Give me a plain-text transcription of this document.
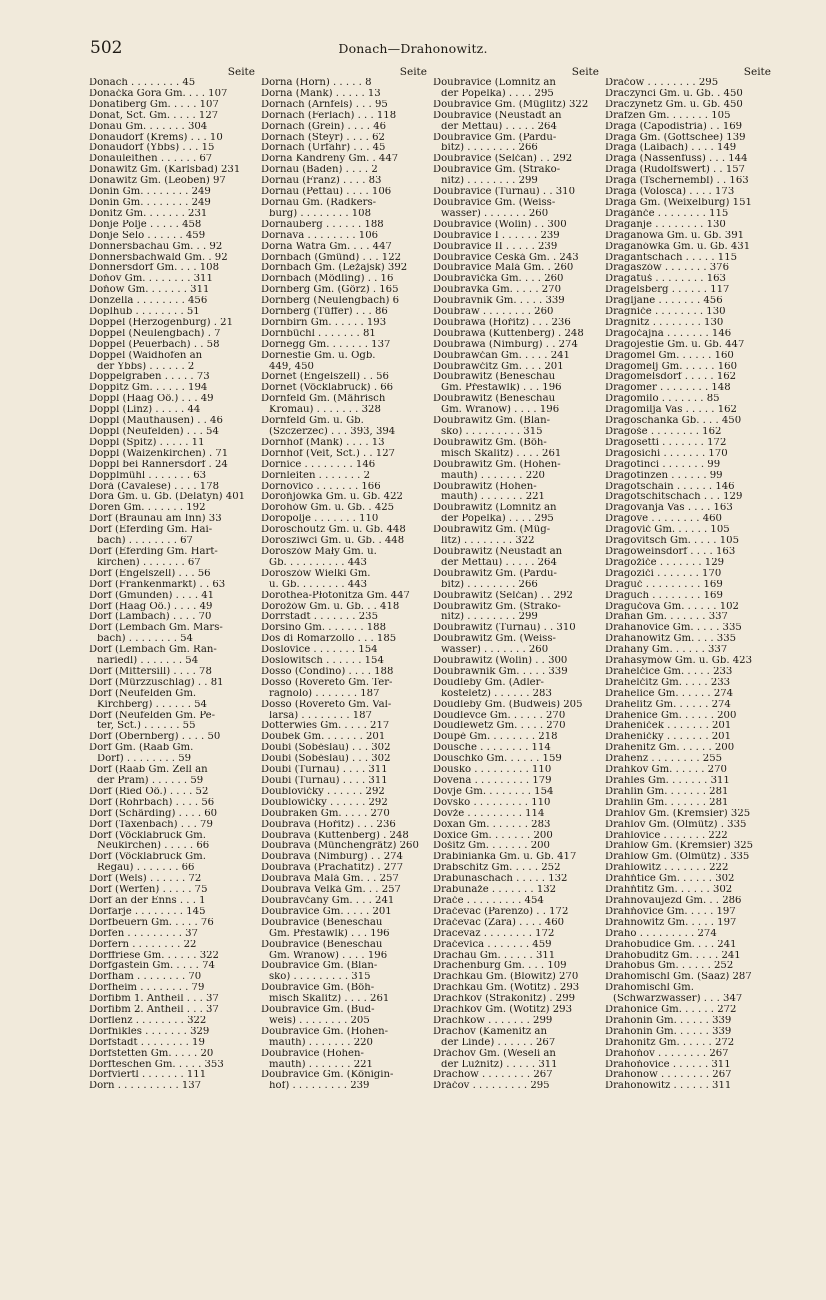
502	Donach—Drahonowitz.
Seite
Donach . . . . . . . . 45
Donačka Gora Gm. . . . 107
Donatiberg Gm. . . . . 107
Donat, Sct. Gm. . . . . 127
Donau Gm. . . . . . . 304
Donaudorf (Krems) . . . 10
Donaudorf (Ybbs) . . . 15
Donauleithen . . . . . . 67
Donawitz Gm. (Karlsbad) 231
Donawitz Gm. (Leoben) 97
Donin Gm. . . . . . . . 249
Donin Gm. . . . . . . . 249
Donitz Gm. . . . . . . 231
Donje Polje . . . . . 458
Donje Selo . . . . . . 459
Donnersbachau Gm. . . 92
Donnersbachwald Gm. . 92
Donnersdorf Gm. . . . 108
Doňov Gm. . . . . . . . 311
Doňow Gm. . . . . . . 311
Donzella . . . . . . . . 456
Doplhub . . . . . . . . 51
Doppel (Herzogenburg) . 21
Doppel (Neulengbach) . 7
Doppel (Peuerbach) . . 58
Doppel (Waidhofen an
der Ybbs) . . . . . . 2
Doppelgraben . . . . . 73
Doppitz Gm. . . . . . 194
Doppl (Haag Oö.) . . . 49
Doppl (Linz) . . . . . 44
Doppl (Mauthausen) . . 46
Doppl (Neufelden) . . . 54
Doppl (Spitz) . . . . . 11
Doppl (Waizenkirchen) . 71
Doppl bei Rannersdorf . 24
Dopplmühl . . . . . . . 63
Dorà (Cavalese) . . . . 178
Dora Gm. u. Gb. (Delatyn) 401
Doren Gm. . . . . . . 192
Dorf (Braunau am Inn) 33
Dorf (Eferding Gm. Hai-
bach) . . . . . . . . 67
Dorf (Eferding Gm. Hart-
kirchen) . . . . . . . 67
Dorf (Engelszell) . . . 56
Dorf (Frankenmarkt) . . 63
Dorf (Gmunden) . . . . 41
Dorf (Haag Oö.) . . . . 49
Dorf (Lambach) . . . . 70
Dorf (Lembach Gm. Mars-
bach) . . . . . . . . 54
Dorf (Lembach Gm. Ran-
nariedl) . . . . . . . 54
Dorf (Mittersill) . . . . 78
Dorf (Mürzzuschlag) . . 81
Dorf (Neufelden Gm.
Kirchberg) . . . . . . 54
Dorf (Neufelden Gm. Pe-
ter, Sct.) . . . . . . 55
Dorf (Obernberg) . . . . 50
Dorf Gm. (Raab Gm.
Dorf) . . . . . . . . 59
Dorf (Raab Gm. Zell an
der Pram) . . . . . . 59
Dorf (Ried Oö.) . . . . 52
Dorf (Rohrbach) . . . . 56
Dorf (Schärding) . . . . 60
Dorf (Taxenbach) . . . 79
Dorf (Vöcklabruck Gm.
Neukirchen) . . . . . 66
Dorf (Vöcklabruck Gm.
Regau) . . . . . . . 66
Dorf (Wels) . . . . . . 72
Dorf (Werfen) . . . . . 75
Dorf an der Enns . . . 1
Dorfarje . . . . . . . . 145
Dorfbeuern Gm. . . . . 76
Dorfen . . . . . . . . . 37
Dorfern . . . . . . . . 22
Dorffriese Gm. . . . . . 322
Dorfgastein Gm. . . . . 74
Dorfham . . . . . . . . 70
Dorfheim . . . . . . . . 79
Dorfibm 1. Antheil . . . 37
Dorfibm 2. Antheil . . . 37
Dorflenz . . . . . . . . 322
Dorfnikles . . . . . . . 329
Dorfstadt . . . . . . . . 19
Dorfstetten Gm. . . . . 20
Dorfteschen Gm. . . . . 353
Dorfviertl . . . . . . . 111
Dorn . . . . . . . . . . 137
Seite
Dorna (Horn) . . . . . 8
Dorna (Mank) . . . . . 13
Dornach (Arnfels) . . . 95
Dornach (Ferlach) . . . 118
Dornach (Grein) . . . . 46
Dornach (Steyr) . . . . 62
Dornach (Urfahr) . . . 45
Dorna Kandreny Gm. . 447
Dornau (Baden) . . . . 2
Dornau (Franz) . . . . 83
Dornau (Pettau) . . . . 106
Dornau Gm. (Radkers-
burg) . . . . . . . . 108
Dornauberg . . . . . . 188
Dornava . . . . . . . . 106
Dorna Watra Gm. . . . 447
Dornbach (Gmünd) . . . 122
Dornbach Gm. (Ležajsk) 392
Dornbach (Mödling) . . 16
Dornberg Gm. (Görz) . 165
Dornberg (Neulengbach) 6
Dornberg (Tüffer) . . . 86
Dornbirn Gm. . . . . . 193
Dornbüchl . . . . . . . 81
Dornegg Gm. . . . . . . 137
Dornestie Gm. u. Ogb.
449, 450
Dornet (Engelszell) . . 56
Dornet (Vöcklabruck) . 66
Dornfeld Gm. (Mährisch
Kromau) . . . . . . . 328
Dornfeld Gm. u. Gb.
(Szczerzec) . . . 393, 394
Dornhof (Mank) . . . . 13
Dornhof (Veit, Sct.) . . 127
Dornice . . . . . . . . 146
Dornleiten . . . . . . . 2
Dornovico . . . . . . . 166
Dorońjówka Gm. u. Gb. 422
Dorohów Gm. u. Gb. . 425
Doropolje . . . . . . . 110
Doroschoutz Gm. u. Gb. 448
Doroszíwci Gm. u. Gb. . 448
Doroszów Mały Gm. u.
Gb. . . . . . . . . . 443
Doroszów Wielki Gm.
u. Gb. . . . . . . . 443
Dorothea-Płotonitza Gm. 447
Dorożów Gm. u. Gb. . . 418
Dorrstadt . . . . . . . 235
Dorsino Gm. . . . . . . 188
Dos di Romarzollo . . . 185
Doslovice . . . . . . . 154
Doslowitsch . . . . . . 154
Dosso (Condino) . . . . 188
Dosso (Rovereto Gm. Ter-
ragnolo) . . . . . . . 187
Dosso (Rovereto Gm. Val-
larsa) . . . . . . . . 187
Dotterwies Gm. . . . . 217
Doubek Gm. . . . . . . 201
Doubi (Soběslau) . . . 302
Doubi (Soběslau) . . . 302
Doubi (Turnau) . . . . 311
Doubi (Turnau) . . . . 311
Doublovičky . . . . . . 292
Doublowičky . . . . . . 292
Doubraken Gm. . . . . 270
Doubrava (Hořitz) . . . 236
Doubrava (Kuttenberg) . 248
Doubrava (Münchengrätz) 260
Doubrava (Nimburg) . . 274
Doubrava (Prachatitz) . 277
Doubrava Malá Gm. . . 257
Doubrava Velká Gm. . . 257
Doubravčany Gm. . . . 241
Doubravice Gm. . . . . 201
Doubravice (Beneschau
Gm. Přestawlk) . . . 196
Doubravice (Beneschau
Gm. Wranow) . . . . 196
Doubravice Gm. (Blan-
sko) . . . . . . . . . 315
Doubravice Gm. (Böh-
misch Skalitz) . . . . 261
Doubravice Gm. (Bud-
weis) . . . . . . . . 205
Doubravice Gm. (Hohen-
mauth) . . . . . . . 220
Doubravice (Hohen-
mauth) . . . . . . . 221
Doubravice Gm. (Königin-
hof) . . . . . . . . . 239
Seite
Doubravice (Lomnitz an
der Popelka) . . . . 295
Doubravice Gm. (Müglitz) 322
Doubravice (Neustadt an
der Mettau) . . . . . 264
Doubravice Gm. (Pardu-
bitz) . . . . . . . . 266
Doubravice (Selčan) . . 292
Doubravice Gm. (Strako-
nitz) . . . . . . . . 299
Doubravice (Turnau) . . 310
Doubravice Gm. (Weiss-
wasser) . . . . . . . 260
Doubravice (Wolin) . . 300
Doubravice I . . . . . . 239
Doubravice II . . . . . 239
Doubravice Česká Gm. . 243
Doubravice Malá Gm. . 260
Doubravička Gm. . . . 260
Doubravka Gm. . . . . 270
Doubravnik Gm. . . . . 339
Doubraw . . . . . . . . 260
Doubrawa (Hořitz) . . . 236
Doubrawa (Kuttenberg) . 248
Doubrawa (Nimburg) . . 274
Doubrawčan Gm. . . . . 241
Doubrawčitz Gm. . . . 201
Doubrawitz (Beneschau
Gm. Přestawlk) . . . 196
Doubrawitz (Beneschau
Gm. Wranow) . . . . 196
Doubrawitz Gm. (Blan-
sko) . . . . . . . . . 315
Doubrawitz Gm. (Böh-
misch Skalitz) . . . . 261
Doubrawitz Gm. (Hohen-
mauth) . . . . . . . 220
Doubrawitz (Hohen-
mauth) . . . . . . . 221
Doubrawitz (Lomnitz an
der Popelka) . . . . 295
Doubrawitz Gm. (Müg-
litz) . . . . . . . . 322
Doubrawitz (Neustadt an
der Mettau) . . . . . 264
Doubrawitz Gm. (Pardu-
bitz) . . . . . . . . 266
Doubrawitz (Selčan) . . 292
Doubrawitz Gm. (Strako-
nitz) . . . . . . . . 299
Doubrawitz (Turnau) . . 310
Doubrawitz Gm. (Weiss-
wasser) . . . . . . . 260
Doubrawitz (Wolin) . . 300
Doubrawnik Gm. . . . . 339
Doudleby Gm. (Adler-
kosteletz) . . . . . . 283
Doudleby Gm. (Budweis) 205
Doudlevce Gm. . . . . . 270
Doudlewetz Gm. . . . . 270
Doupě Gm. . . . . . . . 218
Dousche . . . . . . . . 114
Douschko Gm. . . . . . 159
Dousko . . . . . . . . . 110
Dovena . . . . . . . . . 179
Dovje Gm. . . . . . . . 154
Dovsko . . . . . . . . . 110
Dovže . . . . . . . . . 114
Doxan Gm. . . . . . . 283
Doxice Gm. . . . . . . 200
Došitz Gm. . . . . . . 200
Drabinianka Gm. u. Gb. 417
Drabschitz Gm. . . . . 252
Drabunaschach . . . . . 132
Drabunaže . . . . . . . 132
Drače . . . . . . . . . 454
Dračevac (Parenzo) . . 172
Dračevac (Zara) . . . . 460
Dracevaz . . . . . . . . 172
Dračevica . . . . . . . 459
Drachau Gm. . . . . . 311
Drachenburg Gm. . . . 109
Drachkau Gm. (Blowitz) 270
Drachkau Gm. (Wotitz) . 293
Drachkov (Strakonitz) . 299
Drachkov Gm. (Wotitz) 293
Drachkow . . . . . . . 299
Drachov (Kamenitz an
der Linde) . . . . . . 267
Dráchov Gm. (Weseli an
der Lužnitz) . . . . . 311
Drachow . . . . . . . . 267
Dráčov . . . . . . . . . 295
Seite
Dračow . . . . . . . . 295
Draczynci Gm. u. Gb. . 450
Draczynetz Gm. u. Gb. 450
Drafzen Gm. . . . . . . 105
Draga (Capodistria) . . 169
Draga Gm. (Gottschee) 139
Draga (Laibach) . . . . 149
Draga (Nassenfuss) . . . 144
Draga (Rudolfswert) . . 157
Draga (Tschernembl) . . 163
Draga (Volosca) . . . . 173
Draga Gm. (Weixelburg) 151
Dragánče . . . . . . . . 115
Draganje . . . . . . . . 130
Draganowa Gm. u. Gb. 391
Draganówka Gm. u. Gb. 431
Dragantschach . . . . . 115
Dragaszów . . . . . . . 376
Dragatuš . . . . . . . . 163
Dragelsberg . . . . . . 117
Dragljane . . . . . . . 456
Dragniče . . . . . . . . 130
Dragnitz . . . . . . . . 130
Dragočajna . . . . . . . 146
Dragojestie Gm. u. Gb. 447
Dragomel Gm. . . . . . 160
Dragomelj Gm. . . . . . 160
Dragomelsdorf . . . . . 162
Dragomer . . . . . . . . 148
Dragomilo . . . . . . . 85
Dragomilja Vas . . . . . 162
Dragoschanka Gb. . . . 450
Dragoše . . . . . . . . 162
Dragosetti . . . . . . . 172
Dragosichi . . . . . . . 170
Dragotinci . . . . . . . 99
Dragotinzen . . . . . . 99
Dragotschain . . . . . . 146
Dragotschitschach . . . 129
Dragovanja Vas . . . . 163
Dragove . . . . . . . . 460
Dragovič Gm. . . . . . 105
Dragovitsch Gm. . . . . 105
Dragoweinsdorf . . . . 163
Dragožiče . . . . . . . 129
Dragoziči . . . . . . . 170
Draguč . . . . . . . . . 169
Draguch . . . . . . . . 169
Dragučova Gm. . . . . . 102
Drahan Gm. . . . . . . 337
Drahanovice Gm. . . . . 335
Drahanowitz Gm. . . . 335
Drahany Gm. . . . . . 337
Drahasymów Gm. u. Gb. 423
Drahelčice Gm. . . . . 233
Drahelčitz Gm. . . . . 233
Drahelice Gm. . . . . . 274
Drahelitz Gm. . . . . . 274
Drahenice Gm. . . . . . 200
Draheníček . . . . . . . 201
Draheničky . . . . . . . 201
Drahenitz Gm. . . . . . 200
Drahenz . . . . . . . . 255
Drahkov Gm. . . . . . 270
Drahles Gm. . . . . . . 311
Drahlin Gm. . . . . . . 281
Drahlin Gm. . . . . . . 281
Drahlov Gm. (Kremsier) 325
Drahlov Gm. (Olmütz) . 335
Drahlovice . . . . . . . 222
Drahlow Gm. (Kremsier) 325
Drahlow Gm. (Olmütz) . 335
Drahlowitz . . . . . . . 222
Drahňtice Gm. . . . . . 302
Drahňtitz Gm. . . . . . 302
Drahnovaujezd Gm. . . 286
Drahňovice Gm. . . . . 197
Drahnowitz Gm. . . . . 197
Draho . . . . . . . . . 274
Drahobudice Gm. . . . 241
Drahobuditz Gm. . . . . 241
Drahobus Gm. . . . . . 252
Drahomischl Gm. (Saaz) 287
Drahomischl Gm.
(Schwarzwasser) . . . 347
Drahonice Gm. . . . . . 272
Drahonin Gm. . . . . . 339
Drahonin Gm. . . . . . 339
Drahonitz Gm. . . . . . 272
Drahoňov . . . . . . . . 267
Drahoňovice . . . . . . 311
Drahonow . . . . . . . . 267
Drahonowitz . . . . . . 311
